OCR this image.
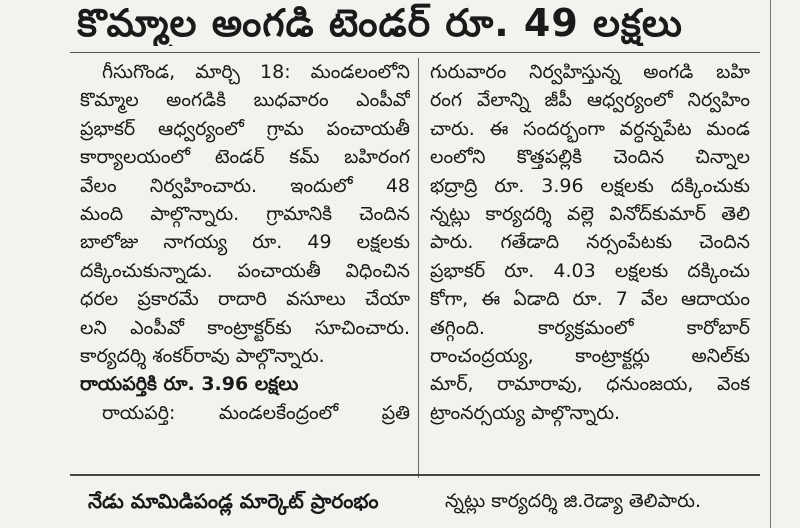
కొమ్మాల అంగడి టెండర్ రూ. 49 లక్షలు

గీసుగొండ, మార్చి 18: మండలంలోని

కొమ్మాల అంగడికి బుధవారం ఎంపీవో

ప్రభాకర్ ఆధ్వర్యంలో గ్రామ పంచాయతీ

కార్యాలయంలో టెండర్ కమ్ బహిరంగ

వేలం నిర్వహించారు. ఇందులో 48

మంది పాల్గొన్నారు. గ్రామానికి చెందిన

బాలోజు నాగయ్య రూ. 49 లక్షలకు

దక్కించుకున్నాడు. పంచాయతీ విధించిన

ధరల ప్రకారమే రాదారి వసూలు చేయా

లని ఎంపీవో కాంట్రాక్టర్‌కు సూచించారు.

కార్యదర్శి శంకర్‌రావు పాల్గొన్నారు.

రాయపర్తికి రూ. 3.96 లక్షలు

రాయపర్తి: మండలకేంద్రంలో ప్రతి

గురువారం నిర్వహిస్తున్న అంగడి బహి

రంగ వేలాన్ని జీపీ ఆధ్వర్యంలో నిర్వహిం

చారు. ఈ సందర్భంగా వర్ధన్నపేట మండ

లంలోని కొత్తపల్లికి చెందిన చిన్నాల

భద్రాద్రి రూ. 3.96 లక్షలకు దక్కించుకు

న్నట్లు కార్యదర్శి వల్లె వినోద్‌కుమార్ తెలి

పారు. గతేడాది నర్సంపేటకు చెందిన

ప్రభాకర్ రూ. 4.03 లక్షలకు దక్కించు

కోగా, ఈ ఏడాది రూ. 7 వేల ఆదాయం

తగ్గింది. కార్యక్రమంలో కారోబార్

రాంచంద్రయ్య, కాంట్రాక్టర్లు అనిల్‌కు

మార్, రామారావు, ధనుంజయ, వెంక

ట్రాంనర్సయ్య పాల్గొన్నారు.

నేడు మామిడిపండ్ల మార్కెట్ ప్రారంభం	న్నట్లు కార్యదర్శి జి.రెడ్యా తెలిపారు.
